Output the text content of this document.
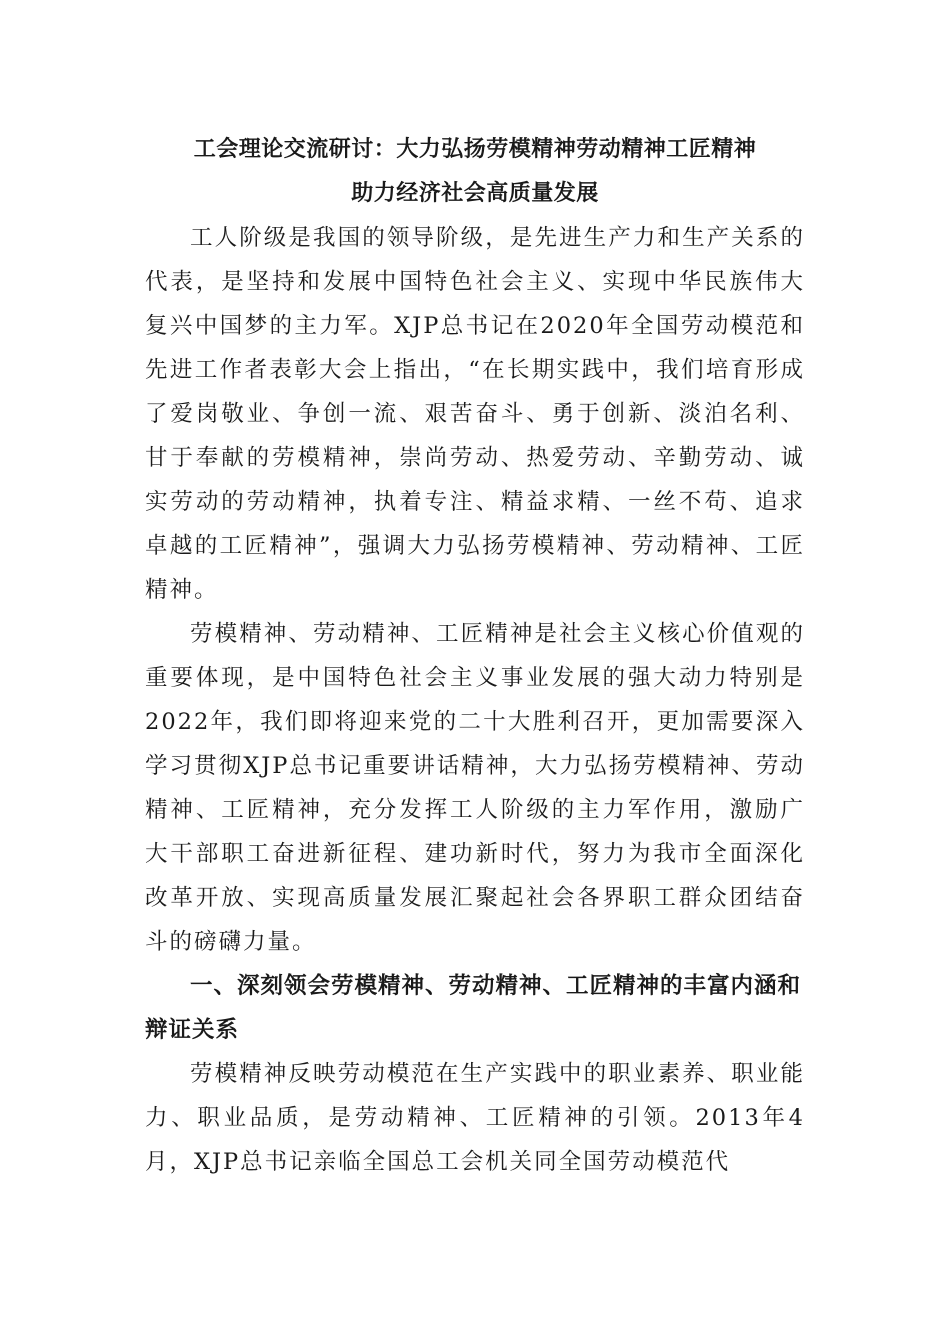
工会理论交流研讨：大力弘扬劳模精神劳动精神工匠精神
助力经济社会高质量发展

工人阶级是我国的领导阶级，是先进生产力和生产关系的代表，是坚持和发展中国特色社会主义、实现中华民族伟大复兴中国梦的主力军。XJP总书记在2020年全国劳动模范和先进工作者表彰大会上指出，“在长期实践中，我们培育形成了爱岗敬业、争创一流、艰苦奋斗、勇于创新、淡泊名利、甘于奉献的劳模精神，崇尚劳动、热爱劳动、辛勤劳动、诚实劳动的劳动精神，执着专注、精益求精、一丝不苟、追求卓越的工匠精神”，强调大力弘扬劳模精神、劳动精神、工匠精神。

劳模精神、劳动精神、工匠精神是社会主义核心价值观的重要体现，是中国特色社会主义事业发展的强大动力特别是2022年，我们即将迎来党的二十大胜利召开，更加需要深入学习贯彻XJP总书记重要讲话精神，大力弘扬劳模精神、劳动精神、工匠精神，充分发挥工人阶级的主力军作用，激励广大干部职工奋进新征程、建功新时代，努力为我市全面深化改革开放、实现高质量发展汇聚起社会各界职工群众团结奋斗的磅礴力量。

一、深刻领会劳模精神、劳动精神、工匠精神的丰富内涵和辩证关系

劳模精神反映劳动模范在生产实践中的职业素养、职业能力、职业品质，是劳动精神、工匠精神的引领。2013年4月，XJP总书记亲临全国总工会机关同全国劳动模范代
